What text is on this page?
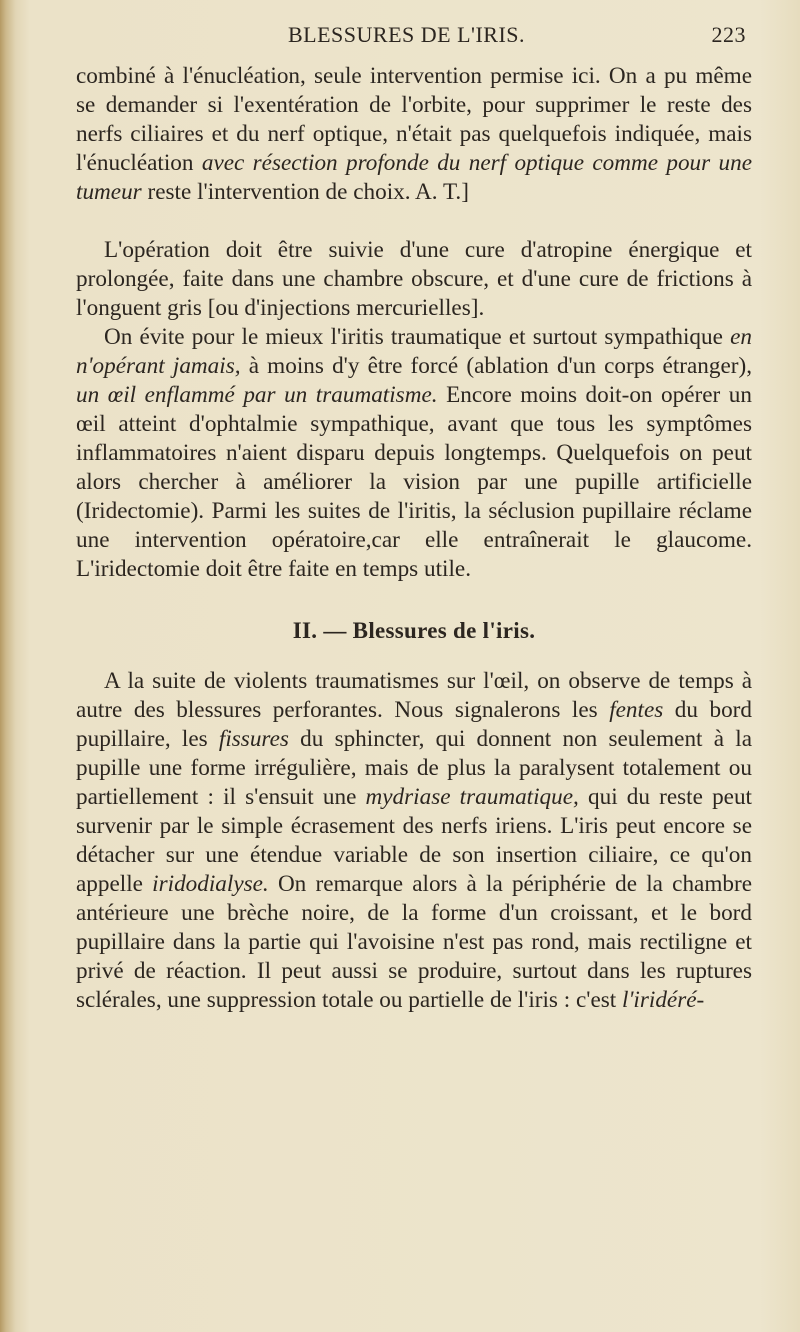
BLESSURES DE L'IRIS.	223

combiné à l'énucléation, seule intervention permise ici. On a pu même se demander si l'exentération de l'orbite, pour supprimer le reste des nerfs ciliaires et du nerf optique, n'était pas quelquefois indiquée, mais l'énucléation avec résection profonde du nerf optique comme pour une tumeur reste l'intervention de choix. A. T.]

L'opération doit être suivie d'une cure d'atropine énergique et prolongée, faite dans une chambre obscure, et d'une cure de frictions à l'onguent gris [ou d'injections mercurielles].

On évite pour le mieux l'iritis traumatique et surtout sympathique en n'opérant jamais, à moins d'y être forcé (ablation d'un corps étranger), un œil enflammé par un traumatisme. Encore moins doit-on opérer un œil atteint d'ophtalmie sympathique, avant que tous les symptômes inflammatoires n'aient disparu depuis longtemps. Quelquefois on peut alors chercher à améliorer la vision par une pupille artificielle (Iridectomie). Parmi les suites de l'iritis, la séclusion pupillaire réclame une intervention opératoire,car elle entraînerait le glaucome. L'iridectomie doit être faite en temps utile.

II. — Blessures de l'iris.

A la suite de violents traumatismes sur l'œil, on observe de temps à autre des blessures perforantes. Nous signalerons les fentes du bord pupillaire, les fissures du sphincter, qui donnent non seulement à la pupille une forme irrégulière, mais de plus la paralysent totalement ou partiellement : il s'ensuit une mydriase traumatique, qui du reste peut survenir par le simple écrasement des nerfs iriens. L'iris peut encore se détacher sur une étendue variable de son insertion ciliaire, ce qu'on appelle iridodialyse. On remarque alors à la périphérie de la chambre antérieure une brèche noire, de la forme d'un croissant, et le bord pupillaire dans la partie qui l'avoisine n'est pas rond, mais rectiligne et privé de réaction. Il peut aussi se produire, surtout dans les ruptures sclérales, une suppression totale ou partielle de l'iris : c'est l'iridéré-
